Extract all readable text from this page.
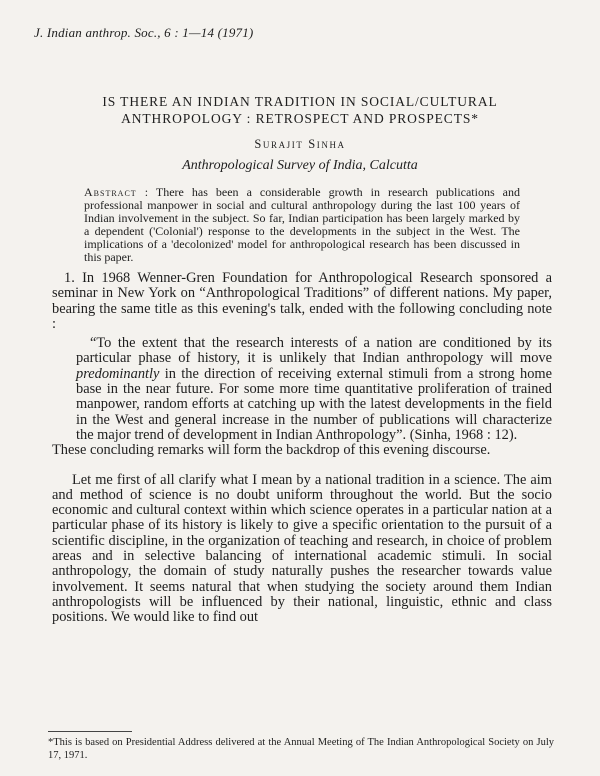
J. Indian anthrop. Soc., 6 : 1—14 (1971)
IS THERE AN INDIAN TRADITION IN SOCIAL/CULTURAL
ANTHROPOLOGY : RETROSPECT AND PROSPECTS*
Surajit Sinha
Anthropological Survey of India, Calcutta
Abstract : There has been a considerable growth in research publications and professional manpower in social and cultural anthropology during the last 100 years of Indian involvement in the subject. So far, Indian participation has been largely marked by a dependent ('Colonial') response to the developments in the subject in the West. The implications of a 'decolonized' model for anthropological research has been discussed in this paper.

1. In 1968 Wenner-Gren Foundation for Anthropological Research sponsored a seminar in New York on “Anthropological Traditions” of different nations. My paper, bearing the same title as this evening's talk, ended with the following concluding note :

“To the extent that the research interests of a nation are conditioned by its particular phase of history, it is unlikely that Indian anthropology will move predominantly in the direction of receiving external stimuli from a strong home base in the near future. For some more time quantitative proliferation of trained manpower, random efforts at catching up with the latest developments in the field in the West and general increase in the number of publications will characterize the major trend of development in Indian Anthropology”. (Sinha, 1968 : 12).

These concluding remarks will form the backdrop of this evening discourse.

Let me first of all clarify what I mean by a national tradition in a science. The aim and method of science is no doubt uniform throughout the world. But the socio economic and cultural context within which science operates in a particular nation at a particular phase of its history is likely to give a specific orientation to the pursuit of a scientific discipline, in the organization of teaching and research, in choice of problem areas and in selective balancing of international academic stimuli. In social anthropology, the domain of study naturally pushes the researcher towards value involvement. It seems natural that when studying the society around them Indian anthropologists will be influenced by their national, linguistic, ethnic and class positions. We would like to find out

*This is based on Presidential Address delivered at the Annual Meeting of The Indian Anthropological Society on July 17, 1971.
